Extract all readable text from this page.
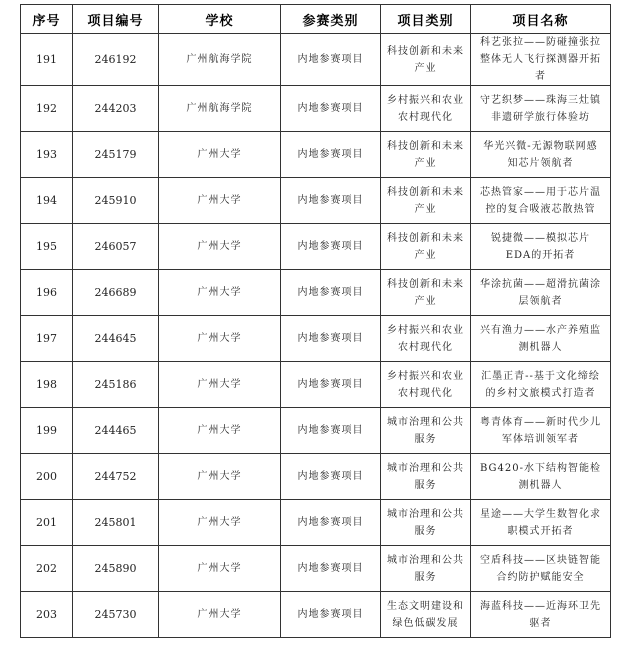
序号	项目编号	学校	参赛类别	项目类别	项目名称
191	246192	广州航海学院	内地参赛项目	科技创新和未来产业	科艺张拉——防碰撞张拉整体无人飞行探测器开拓者
192	244203	广州航海学院	内地参赛项目	乡村振兴和农业农村现代化	守艺织梦——珠海三灶镇非遗研学旅行体验坊
193	245179	广州大学	内地参赛项目	科技创新和未来产业	华光兴微-无源物联网感知芯片领航者
194	245910	广州大学	内地参赛项目	科技创新和未来产业	芯热管家——用于芯片温控的复合吸液芯散热管
195	246057	广州大学	内地参赛项目	科技创新和未来产业	锐捷微——模拟芯片EDA的开拓者
196	246689	广州大学	内地参赛项目	科技创新和未来产业	华涂抗菌——超滑抗菌涂层领航者
197	244645	广州大学	内地参赛项目	乡村振兴和农业农村现代化	兴有渔力——水产养殖监测机器人
198	245186	广州大学	内地参赛项目	乡村振兴和农业农村现代化	汇墨正青--基于文化缔绘的乡村文旅模式打造者
199	244465	广州大学	内地参赛项目	城市治理和公共服务	粤青体育——新时代少儿军体培训领军者
200	244752	广州大学	内地参赛项目	城市治理和公共服务	BG420-水下结构智能检测机器人
201	245801	广州大学	内地参赛项目	城市治理和公共服务	星途——大学生数智化求职模式开拓者
202	245890	广州大学	内地参赛项目	城市治理和公共服务	空盾科技——区块链智能合约防护赋能安全
203	245730	广州大学	内地参赛项目	生态文明建设和绿色低碳发展	海蓝科技——近海环卫先驱者
